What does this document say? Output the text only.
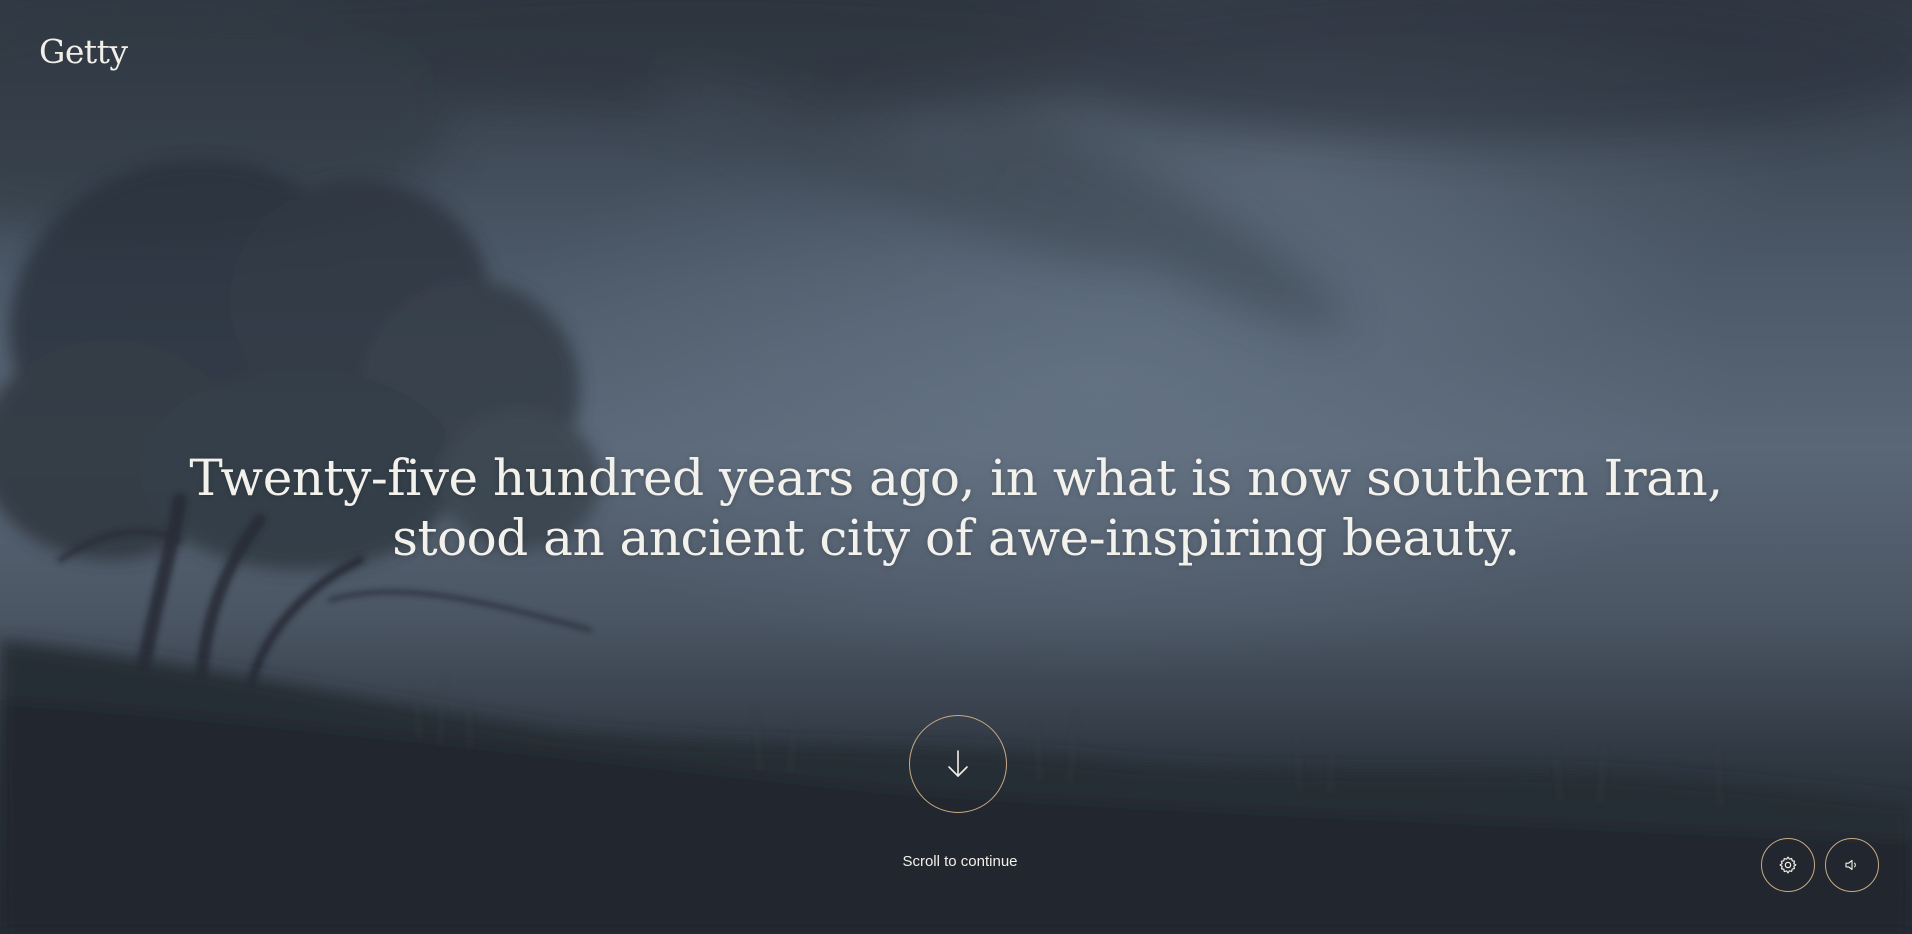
Getty
Twenty-five hundred years ago, in what is now southern Iran,
stood an ancient city of awe-inspiring beauty.
Scroll to continue
